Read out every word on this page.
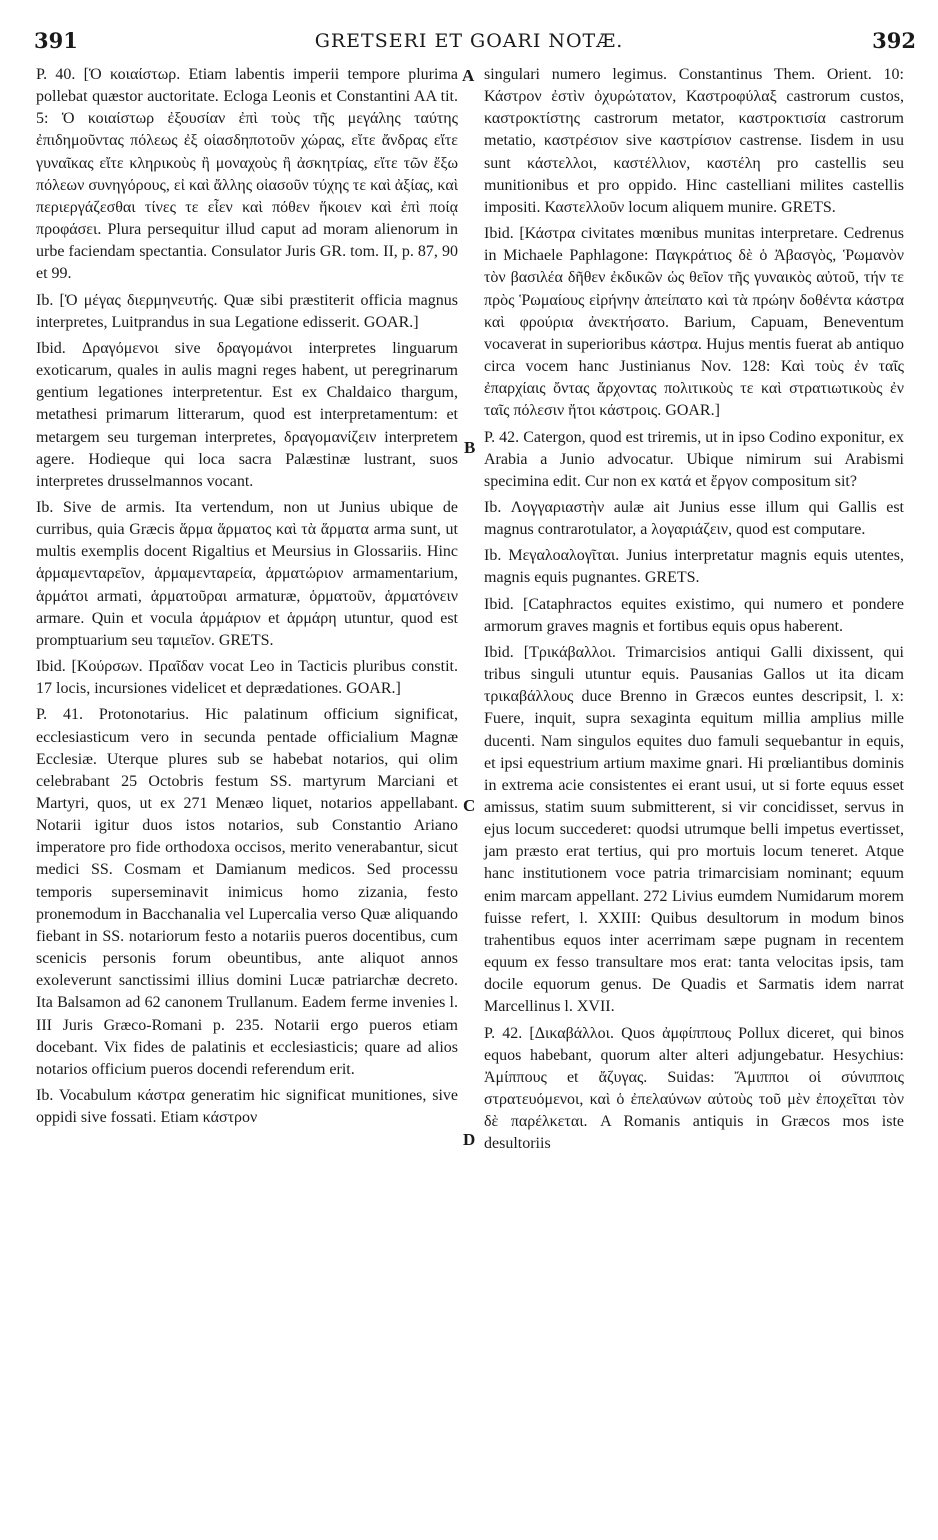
391	GRETSERI ET GOARI NOTÆ.	392

P. 40. [Ὁ κοιαίστωρ. Etiam labentis imperii tempore plurima pollebat quæstor auctoritate. Ecloga Leonis et Constantini AA tit. 5: Ὁ κοιαίστωρ ἐξουσίαν ἐπὶ τοὺς τῆς μεγάλης ταύτης ἐπιδημοῦντας πόλεως ἐξ οἱασδηποτοῦν χώρας, εἴτε ἄνδρας εἴτε γυναῖκας εἴτε κληρικοὺς ἢ μοναχοὺς ἢ ἀσκητρίας, εἴτε τῶν ἔξω πόλεων συνηγόρους, εἰ καὶ ἄλλης οἱασοῦν τύχης τε καὶ ἀξίας, καὶ περιεργάζεσθαι τίνες τε εἶεν καὶ πόθεν ἥκοιεν καὶ ἐπὶ ποίᾳ προφάσει. Plura persequitur illud caput ad moram alienorum in urbe faciendam spectantia. Consulator Juris GR. tom. II, p. 87, 90 et 99.

Ib. [Ὁ μέγας διερμηνευτής. Quæ sibi præstiterit officia magnus interpretes, Luitprandus in sua Legatione edisserit. GOAR.]

Ibid. Δραγόμενοι sive δραγομάνοι interpretes linguarum exoticarum, quales in aulis magni reges habent, ut peregrinarum gentium legationes interpretentur. Est ex Chaldaico thargum, metathesi primarum litterarum, quod est interpretamentum: et metargem seu turgeman interpretes, δραγομανίζειν interpretem agere. Hodieque qui loca sacra Palæstinæ lustrant, suos interpretes drusselmannos vocant.

Ib. Sive de armis. Ita vertendum, non ut Junius ubique de curribus, quia Græcis ἅρμα ἅρματος καὶ τὰ ἅρματα arma sunt, ut multis exemplis docent Rigaltius et Meursius in Glossariis. Hinc ἁρμαμενταρεῖον, ἁρμαμενταρεία, ἁρματώριον armamentarium, ἁρμάτοι armati, ἁρματοῦραι armaturæ, ὁρματοῦν, ἁρματόνειν armare. Quin et vocula ἁρμάριον et ἁρμάρη utuntur, quod est promptuarium seu ταμιεῖον. GRETS.

Ibid. [Κούρσων. Πραῖδαν vocat Leo in Tacticis pluribus constit. 17 locis, incursiones videlicet et deprædationes. GOAR.]

P. 41. Protonotarius. Hic palatinum officium significat, ecclesiasticum vero in secunda pentade officialium Magnæ Ecclesiæ. Uterque plures sub se habebat notarios, qui olim celebrabant 25 Octobris festum SS. martyrum Marciani et Martyri, quos, ut ex 271 Menæo liquet, notarios appellabant. Notarii igitur duos istos notarios, sub Constantio Ariano imperatore pro fide orthodoxa occisos, merito venerabantur, sicut medici SS. Cosmam et Damianum medicos. Sed processu temporis superseminavit inimicus homo zizania, festo pronemodum in Bacchanalia vel Lupercalia verso Quæ aliquando fiebant in SS. notariorum festo a notariis pueros docentibus, cum scenicis personis forum obeuntibus, ante aliquot annos exoleverunt sanctissimi illius domini Lucæ patriarchæ decreto. Ita Balsamon ad 62 canonem Trullanum. Eadem ferme invenies l. III Juris Græco-Romani p. 235. Notarii ergo pueros etiam docebant. Vix fides de palatinis et ecclesiasticis; quare ad alios notarios officium pueros docendi referendum erit.

Ib. Vocabulum κάστρα generatim hic significat munitiones, sive oppidi sive fossati. Etiam κάστρον

A
B
C
D

singulari numero legimus. Constantinus Them. Orient. 10: Κάστρον ἐστὶν ὀχυρώτατον, Καστροφύλαξ castrorum custos, καστροκτίστης castrorum metator, καστροκτισία castrorum metatio, καστρέσιον sive καστρίσιον castrense. Iisdem in usu sunt κάστελλοι, καστέλλιον, καστέλη pro castellis seu munitionibus et pro oppido. Hinc castelliani milites castellis impositi. Καστελλοῦν locum aliquem munire. GRETS.

Ibid. [Κάστρα civitates mœnibus munitas interpretare. Cedrenus in Michaele Paphlagone: Παγκράτιος δὲ ὁ Ἀβασγὸς, Ῥωμανὸν τὸν βασιλέα δῆθεν ἐκδικῶν ὡς θεῖον τῆς γυναικὸς αὐτοῦ, τήν τε πρὸς Ῥωμαίους εἰρήνην ἀπείπατο καὶ τὰ πρώην δοθέντα κάστρα καὶ φρούρια ἀνεκτήσατο. Barium, Capuam, Beneventum vocaverat in superioribus κάστρα. Hujus mentis fuerat ab antiquo circa vocem hanc Justinianus Nov. 128: Καὶ τοὺς ἐν ταῖς ἐπαρχίαις ὄντας ἄρχοντας πολιτικοὺς τε καὶ στρατιωτικοὺς ἐν ταῖς πόλεσιν ἤτοι κάστροις. GOAR.]

P. 42. Catergon, quod est triremis, ut in ipso Codino exponitur, ex Arabia a Junio advocatur. Ubique nimirum sui Arabismi specimina edit. Cur non ex κατά et ἔργον compositum sit?

Ib. Λογγαριαστὴν aulæ ait Junius esse illum qui Gallis est magnus contrarotulator, a λογαριάζειν, quod est computare.

Ib. Μεγαλοαλογῖται. Junius interpretatur magnis equis utentes, magnis equis pugnantes. GRETS.

Ibid. [Cataphractos equites existimo, qui numero et pondere armorum graves magnis et fortibus equis opus haberent.

Ibid. [Τρικάβαλλοι. Trimarcisios antiqui Galli dixissent, qui tribus singuli utuntur equis. Pausanias Gallos ut ita dicam τρικαβάλλους duce Brenno in Græcos euntes descripsit, l. x: Fuere, inquit, supra sexaginta equitum millia amplius mille ducenti. Nam singulos equites duo famuli sequebantur in equis, et ipsi equestrium artium maxime gnari. Hi prœliantibus dominis in extrema acie consistentes ei erant usui, ut si forte equus esset amissus, statim suum submitterent, si vir concidisset, servus in ejus locum succederet: quodsi utrumque belli impetus evertisset, jam præsto erat tertius, qui pro mortuis locum teneret. Atque hanc institutionem voce patria trimarcisiam nominant; equum enim marcam appellant. 272 Livius eumdem Numidarum morem fuisse refert, l. XXIII: Quibus desultorum in modum binos trahentibus equos inter acerrimam sæpe pugnam in recentem equum ex fesso transultare mos erat: tanta velocitas ipsis, tam docile equorum genus. De Quadis et Sarmatis idem narrat Marcellinus l. XVII.

P. 42. [Δικαβάλλοι. Quos ἀμφίππους Pollux diceret, qui binos equos habebant, quorum alter alteri adjungebatur. Hesychius: Ἀμίππους et ἄζυγας. Suidas: Ἄμιπποι οἱ σύνιπποις στρατευόμενοι, καὶ ὁ ἐπελαύνων αὐτοὺς τοῦ μὲν ἐποχεῖται τὸν δὲ παρέλκεται. A Romanis antiquis in Græcos mos iste desultoriis
